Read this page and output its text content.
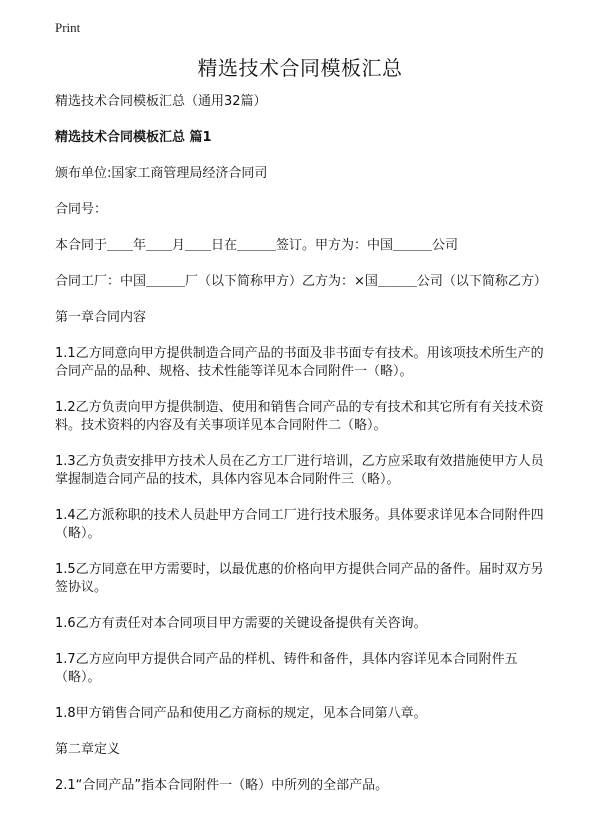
Print
精选技术合同模板汇总

精选技术合同模板汇总（通用32篇）

精选技术合同模板汇总 篇1

颁布单位:国家工商管理局经济合同司

合同号：

本合同于＿＿年＿＿月＿＿日在＿＿＿签订。甲方为：中国＿＿＿公司

合同工厂：中国＿＿＿厂（以下简称甲方）乙方为：×国＿＿＿公司（以下简称乙方）

第一章合同内容

1.1乙方同意向甲方提供制造合同产品的书面及非书面专有技术。用该项技术所生产的合同产品的品种、规格、技术性能等详见本合同附件一（略）。

1.2乙方负责向甲方提供制造、使用和销售合同产品的专有技术和其它所有有关技术资料。技术资料的内容及有关事项详见本合同附件二（略）。

1.3乙方负责安排甲方技术人员在乙方工厂进行培训，乙方应采取有效措施使甲方人员掌握制造合同产品的技术，具体内容见本合同附件三（略）。

1.4乙方派称职的技术人员赴甲方合同工厂进行技术服务。具体要求详见本合同附件四（略）。

1.5乙方同意在甲方需要时，以最优惠的价格向甲方提供合同产品的备件。届时双方另签协议。

1.6乙方有责任对本合同项目甲方需要的关键设备提供有关咨询。

1.7乙方应向甲方提供合同产品的样机、铸件和备件，具体内容详见本合同附件五（略）。

1.8甲方销售合同产品和使用乙方商标的规定，见本合同第八章。

第二章定义

2.1“合同产品”指本合同附件一（略）中所列的全部产品。
